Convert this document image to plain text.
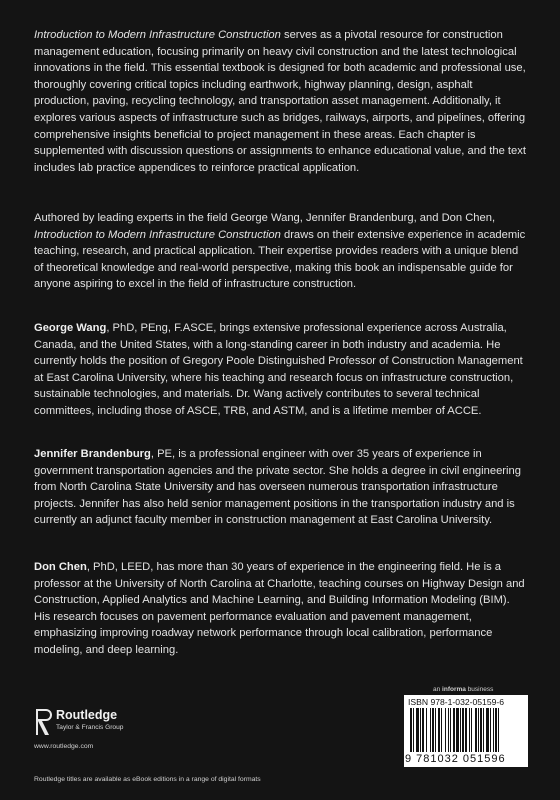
Introduction to Modern Infrastructure Construction serves as a pivotal resource for construction management education, focusing primarily on heavy civil construction and the latest technological innovations in the field. This essential textbook is designed for both academic and professional use, thoroughly covering critical topics including earthwork, highway planning, design, asphalt production, paving, recycling technology, and transportation asset management. Additionally, it explores various aspects of infrastructure such as bridges, railways, airports, and pipelines, offering comprehensive insights beneficial to project management in these areas. Each chapter is supplemented with discussion questions or assignments to enhance educational value, and the text includes lab practice appendices to reinforce practical application.

Authored by leading experts in the field George Wang, Jennifer Brandenburg, and Don Chen, Introduction to Modern Infrastructure Construction draws on their extensive experience in academic teaching, research, and practical application. Their expertise provides readers with a unique blend of theoretical knowledge and real-world perspective, making this book an indispensable guide for anyone aspiring to excel in the field of infrastructure construction.

George Wang, PhD, PEng, F.ASCE, brings extensive professional experience across Australia, Canada, and the United States, with a long-standing career in both industry and academia. He currently holds the position of Gregory Poole Distinguished Professor of Construction Management at East Carolina University, where his teaching and research focus on infrastructure construction, sustainable technologies, and materials. Dr. Wang actively contributes to several technical committees, including those of ASCE, TRB, and ASTM, and is a lifetime member of ACCE.

Jennifer Brandenburg, PE, is a professional engineer with over 35 years of experience in government transportation agencies and the private sector. She holds a degree in civil engineering from North Carolina State University and has overseen numerous transportation infrastructure projects. Jennifer has also held senior management positions in the transportation industry and is currently an adjunct faculty member in construction management at East Carolina University.

Don Chen, PhD, LEED, has more than 30 years of experience in the engineering field. He is a professor at the University of North Carolina at Charlotte, teaching courses on Highway Design and Construction, Applied Analytics and Machine Learning, and Building Information Modeling (BIM). His research focuses on pavement performance evaluation and pavement management, emphasizing improving roadway network performance through local calibration, performance modeling, and deep learning.

an informa business
Routledge
Taylor & Francis Group
www.routledge.com
Routledge titles are available as eBook editions in a range of digital formats
ISBN 978-1-032-05159-6
9 781032 051596
